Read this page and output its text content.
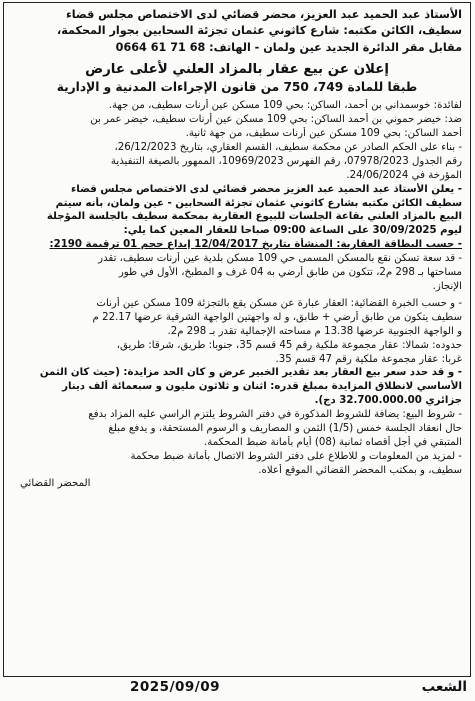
الأستاذ عبد الحميد عبد العزيز، محضر قضائي لدى الاختصاص مجلس قضاء
سطيف، الكائن مكتبه: شارع كاثوني عثمان تجزئة السحابين بجوار المحكمة،
مقابل مقر الدائرة الجديد عين ولمان - الهاتف: 68 71 61 0664
إعلان عن بيع عقار بالمزاد العلني لأعلى عارض
طبقا للمادة 749، 750 من قانون الإجراءات المدنية و الإدارية
لفائدة: خوسمداني بن أحمد، الساكن: بحي 109 مسكن عين أرنات سطيف، من جهة.
ضد: خيضر حموني بن أحمد الساكن: بحي 109 مسكن عين أرنات سطيف، خيضر عمر بن
أحمد الساكن: بحي 109 مسكن عين أرنات سطيف، من جهة ثانية.
- بناء على الحكم الصادر عن محكمة سطيف، القسم العقاري، بتاريخ 26/12/2023،
رقم الجدول 07978/2023، رقم الفهرس 10969/2023، الممهور بالصيغة التنفيذية
المؤرخة في 24/06/2024.
- يعلن الأستاذ عبد الحميد عبد العزيز محضر قضائي لدى الاختصاص مجلس قضاء
سطيف الكائن مكتبه بشارع كاثوني عثمان تجزئة السحابين - عين ولمان، بأنه سيتم
البيع بالمزاد العلني بقاعة الجلسات للبيوع العقارية بمحكمة سطيف بالجلسة المؤجلة
ليوم 30/09/2025 على الساعة 09:00 صباحا للعقار المعين كما يلي:
- حسب البطاقة العقارية: المنشأة بتاريخ 12/04/2017 إيداع حجم 01 ترقيمة 2190:
- قد سعة تسكن نقع بالمسكن المسمى حي 109 مسكن بلدية عين أرنات سطيف، تقدر
مساحتها بـ 298 م2، تتكون من طابق أرضي به 04 غرف و المطبخ، الأول في طور
الإنجاز.
- و حسب الخبرة القضائية: العقار عبارة عن مسكن يقع بالتجزئة 109 مسكن عين أرنات
سطيف يتكون من طابق أرضي + طابق، و له واجهتين الواجهة الشرقية عرضها 22.17 م
و الواجهة الجنوبية عرضها 13.38 م مساحته الإجمالية تقدر بـ 298 م2.
حدوده: شمالا: عقار مجموعة ملكية رقم 45 قسم 35، جنوبا: طريق، شرقا: طريق،
غربا: عقار مجموعة ملكية رقم 47 قسم 35.
- و قد حدد سعر بيع العقار بعد تقدير الخبير عرض و كان الحد مزايدة: (حيث كان الثمن
الأساسي لانطلاق المزايدة بمبلغ قدره: اثنان و ثلاثون مليون و سبعمائة ألف دينار
جزائري 32.700.000.00 دج).
- شروط البيع: يضافة للشروط المذكورة في دفتر الشروط يلتزم الراسي عليه المزاد بدفع
حال انعقاد الجلسة خمس (1/5) الثمن و المصاريف و الرسوم المستحقة، و يدفع مبلغ
المتبقي في أجل أقصاه ثمانية (08) أيام بأمانة ضبط المحكمة.
- لمزيد من المعلومات و للاطلاع على دفتر الشروط الاتصال بأمانة ضبط محكمة
سطيف، و بمكتب المحضر القضائي الموقع أعلاه.
المحضر القضائي
الشعب
2025/09/09
